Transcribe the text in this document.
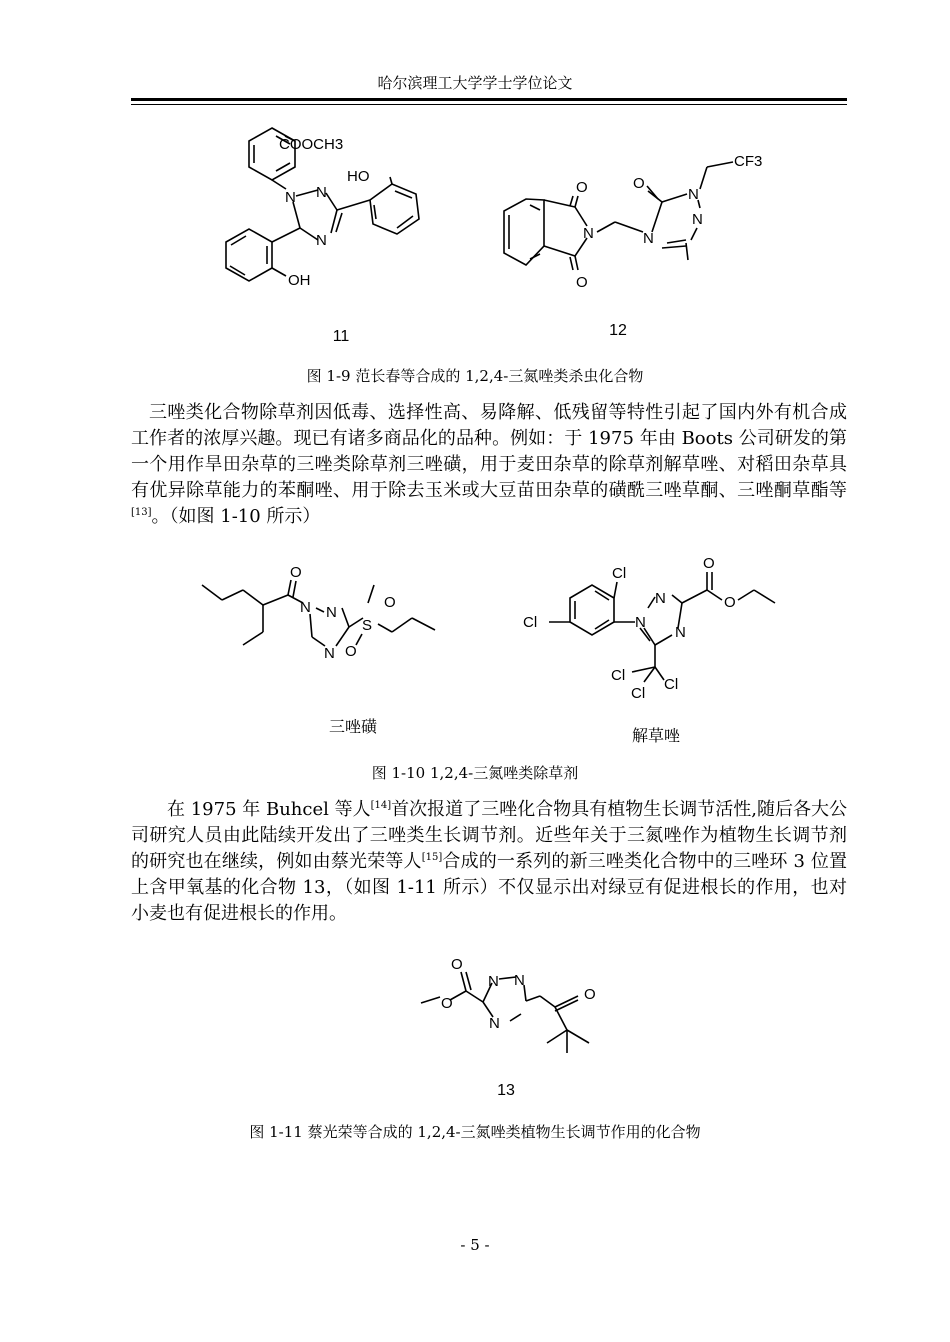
哈尔滨理工大学学士学位论文
COOCH3
N N
N
HO
OH
11
O
O
N
O
N
N
N
CF3
12
图 1-9 范长春等合成的 1,2,4-三氮唑类杀虫化合物

三唑类化合物除草剂因低毒、选择性高、易降解、低残留等特性引起了国内外有机合成工作者的浓厚兴趣。现已有诸多商品化的品种。例如：于 1975 年由 Boots 公司研发的第一个用作旱田杂草的三唑类除草剂三唑磺，用于麦田杂草的除草剂解草唑、对稻田杂草具有优异除草能力的苯酮唑、用于除去玉米或大豆苗田杂草的磺酰三唑草酮、三唑酮草酯等[13]。（如图 1-10 所示）

O
N N
N
S
O
O
三唑磺
Cl
Cl
N
N
N
O
O
Cl
Cl
Cl
解草唑
图 1-10 1,2,4-三氮唑类除草剂

在 1975 年 Buhcel 等人[14]首次报道了三唑化合物具有植物生长调节活性,随后各大公司研究人员由此陆续开发出了三唑类生长调节剂。近些年关于三氮唑作为植物生长调节剂的研究也在继续，例如由蔡光荣等人[15]合成的一系列的新三唑类化合物中的三唑环 3 位置上含甲氧基的化合物 13，（如图 1-11 所示）不仅显示出对绿豆有促进根长的作用，也对小麦也有促进根长的作用。

O
O
N
N
N
O
13
图 1-11 蔡光荣等合成的 1,2,4-三氮唑类植物生长调节作用的化合物
- 5 -
